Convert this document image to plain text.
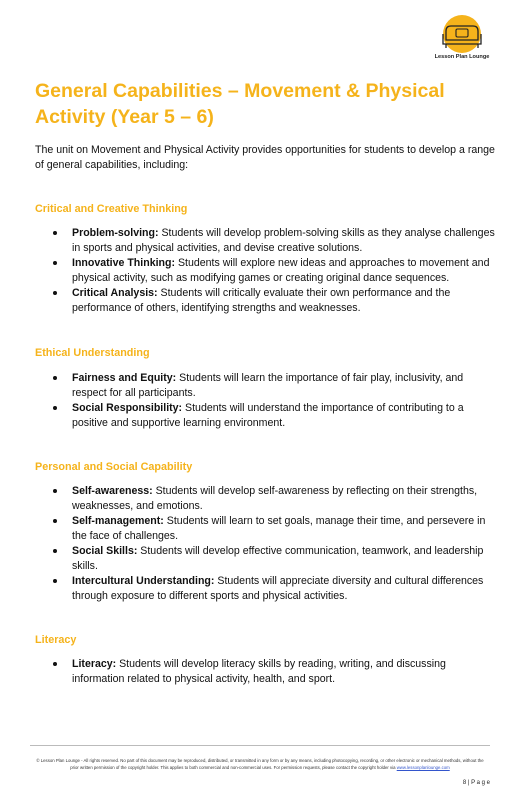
Lesson Plan Lounge
General Capabilities – Movement & Physical Activity (Year 5 – 6)

The unit on Movement and Physical Activity provides opportunities for students to develop a range of general capabilities, including:

Critical and Creative Thinking
Problem-solving: Students will develop problem-solving skills as they analyse challenges in sports and physical activities, and devise creative solutions.
Innovative Thinking: Students will explore new ideas and approaches to movement and physical activity, such as modifying games or creating original dance sequences.
Critical Analysis: Students will critically evaluate their own performance and the performance of others, identifying strengths and weaknesses.
Ethical Understanding
Fairness and Equity: Students will learn the importance of fair play, inclusivity, and respect for all participants.
Social Responsibility: Students will understand the importance of contributing to a positive and supportive learning environment.
Personal and Social Capability
Self-awareness: Students will develop self-awareness by reflecting on their strengths, weaknesses, and emotions.
Self-management: Students will learn to set goals, manage their time, and persevere in the face of challenges.
Social Skills: Students will develop effective communication, teamwork, and leadership skills.
Intercultural Understanding: Students will appreciate diversity and cultural differences through exposure to different sports and physical activities.
Literacy
Literacy: Students will develop literacy skills by reading, writing, and discussing information related to physical activity, health, and sport.
© Lesson Plan Lounge - All rights reserved. No part of this document may be reproduced, distributed, or transmitted in any form or by any means, including photocopying, recording, or other electronic or mechanical methods, without the prior written permission of the copyright holder. This applies to both commercial and non-commercial uses. For permission requests, please contact the copyright holder via www.lessonplanlounge.com
8 | P a g e
